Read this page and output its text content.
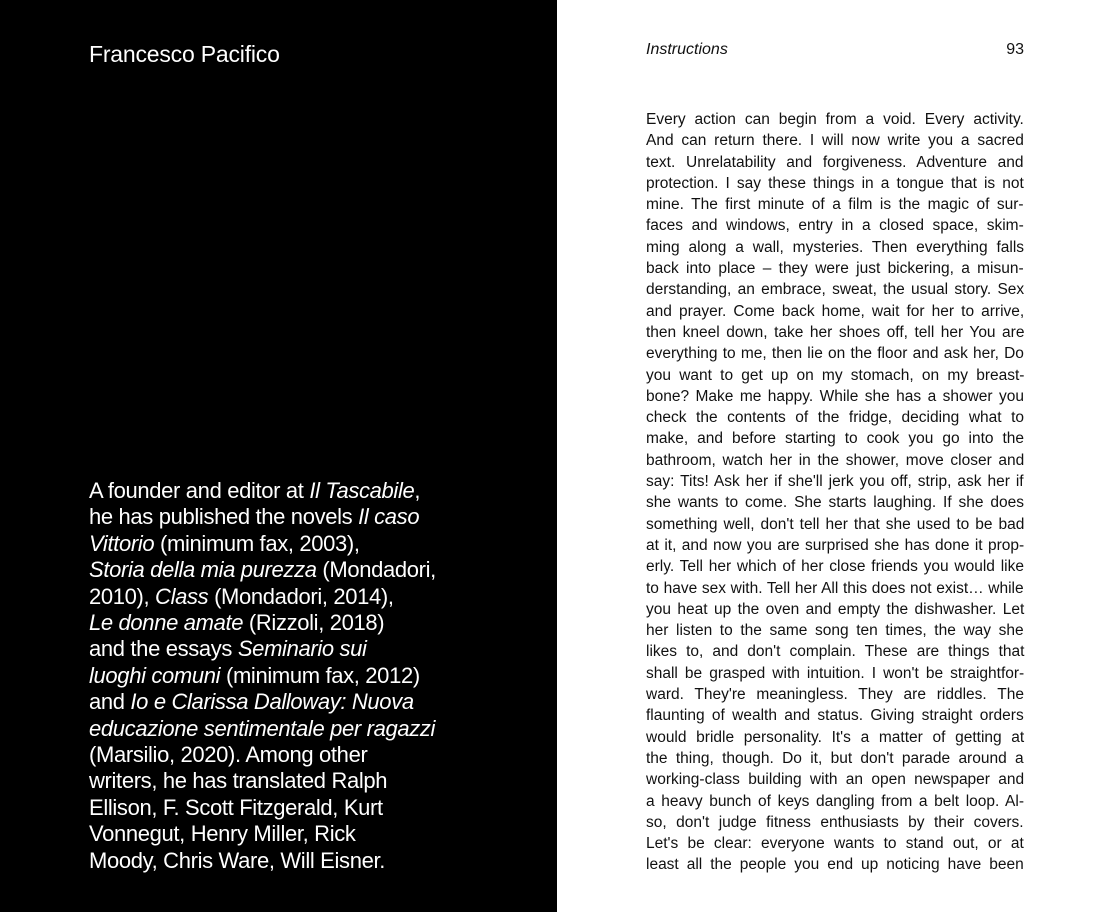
Francesco Pacifico
A founder and editor at Il Tascabile,
he has published the novels Il caso
Vittorio (minimum fax, 2003),
Storia della mia purezza (Mondadori,
2010), Class (Mondadori, 2014),
Le donne amate (Rizzoli, 2018)
and the essays Seminario sui
luoghi comuni (minimum fax, 2012)
and Io e Clarissa Dalloway: Nuova
educazione sentimentale per ragazzi
(Marsilio, 2020). Among other
writers, he has translated Ralph
Ellison, F. Scott Fitzgerald, Kurt
Vonnegut, Henry Miller, Rick
Moody, Chris Ware, Will Eisner.
Instructions	93
Every action can begin from a void. Every activity.
And can return there. I will now write you a sacred
text. Unrelatability and forgiveness. Adventure and
protection. I say these things in a tongue that is not
mine. The first minute of a film is the magic of sur-
faces and windows, entry in a closed space, skim-
ming along a wall, mysteries. Then everything falls
back into place – they were just bickering, a misun-
derstanding, an embrace, sweat, the usual story. Sex
and prayer. Come back home, wait for her to arrive,
then kneel down, take her shoes off, tell her You are
everything to me, then lie on the floor and ask her, Do
you want to get up on my stomach, on my breast-
bone? Make me happy. While she has a shower you
check the contents of the fridge, deciding what to
make, and before starting to cook you go into the
bathroom, watch her in the shower, move closer and
say: Tits! Ask her if she'll jerk you off, strip, ask her if
she wants to come. She starts laughing. If she does
something well, don't tell her that she used to be bad
at it, and now you are surprised she has done it prop-
erly. Tell her which of her close friends you would like
to have sex with. Tell her All this does not exist… while
you heat up the oven and empty the dishwasher. Let
her listen to the same song ten times, the way she
likes to, and don't complain. These are things that
shall be grasped with intuition. I won't be straightfor-
ward. They're meaningless. They are riddles. The
flaunting of wealth and status. Giving straight orders
would bridle personality. It's a matter of getting at
the thing, though. Do it, but don't parade around a
working-class building with an open newspaper and
a heavy bunch of keys dangling from a belt loop. Al-
so, don't judge fitness enthusiasts by their covers.
Let's be clear: everyone wants to stand out, or at
least all the people you end up noticing have been
